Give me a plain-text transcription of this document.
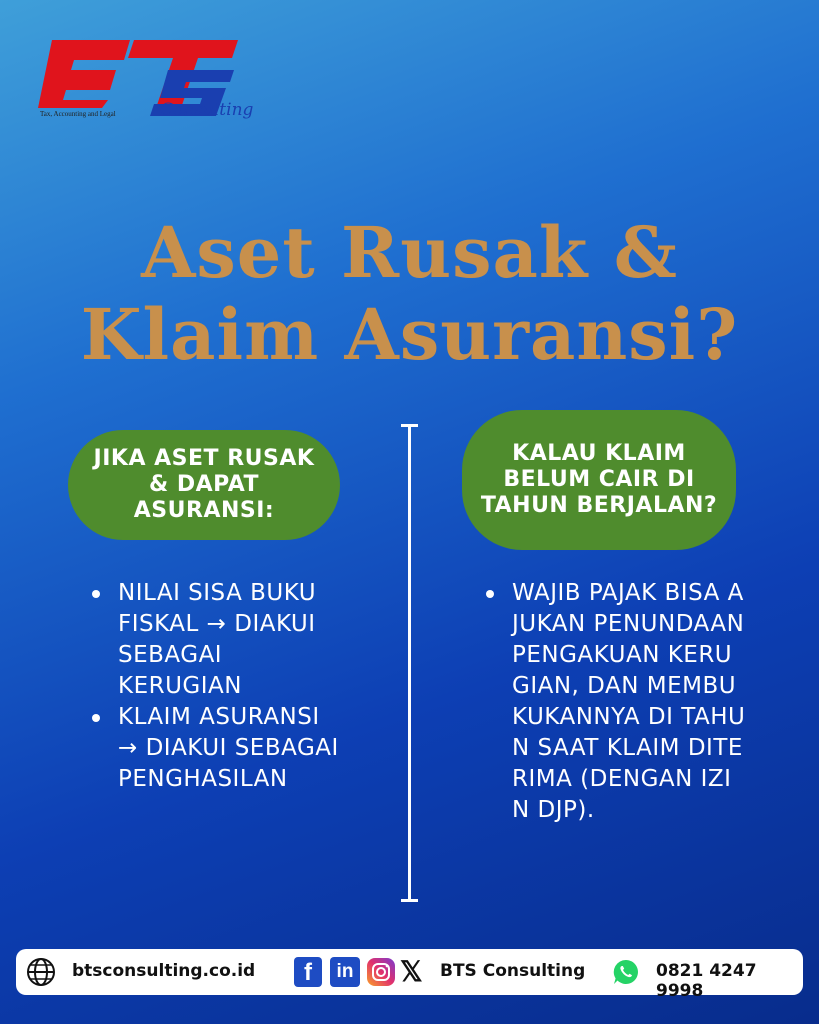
Tax, Accounting and Legal	Consulting
Aset Rusak &
Klaim Asuransi?
JIKA ASET RUSAK & DAPAT ASURANSI:
NILAI SISA BUKU FISKAL → DIAKUI SEBAGAI KERUGIAN
KLAIM ASURANSI → DIAKUI SEBAGAI PENGHASILAN
KALAU KLAIM BELUM CAIR DI TAHUN BERJALAN?
WAJIB PAJAK BISA AJUKAN PENUNDAAN PENGAKUAN KERUGIAN, DAN MEMBUKUKANNYA DI TAHUN SAAT KLAIM DITERIMA (DENGAN IZIN DJP).
btsconsulting.co.id	f	in 𝕏 BTS Consulting	0821 4247 9998
